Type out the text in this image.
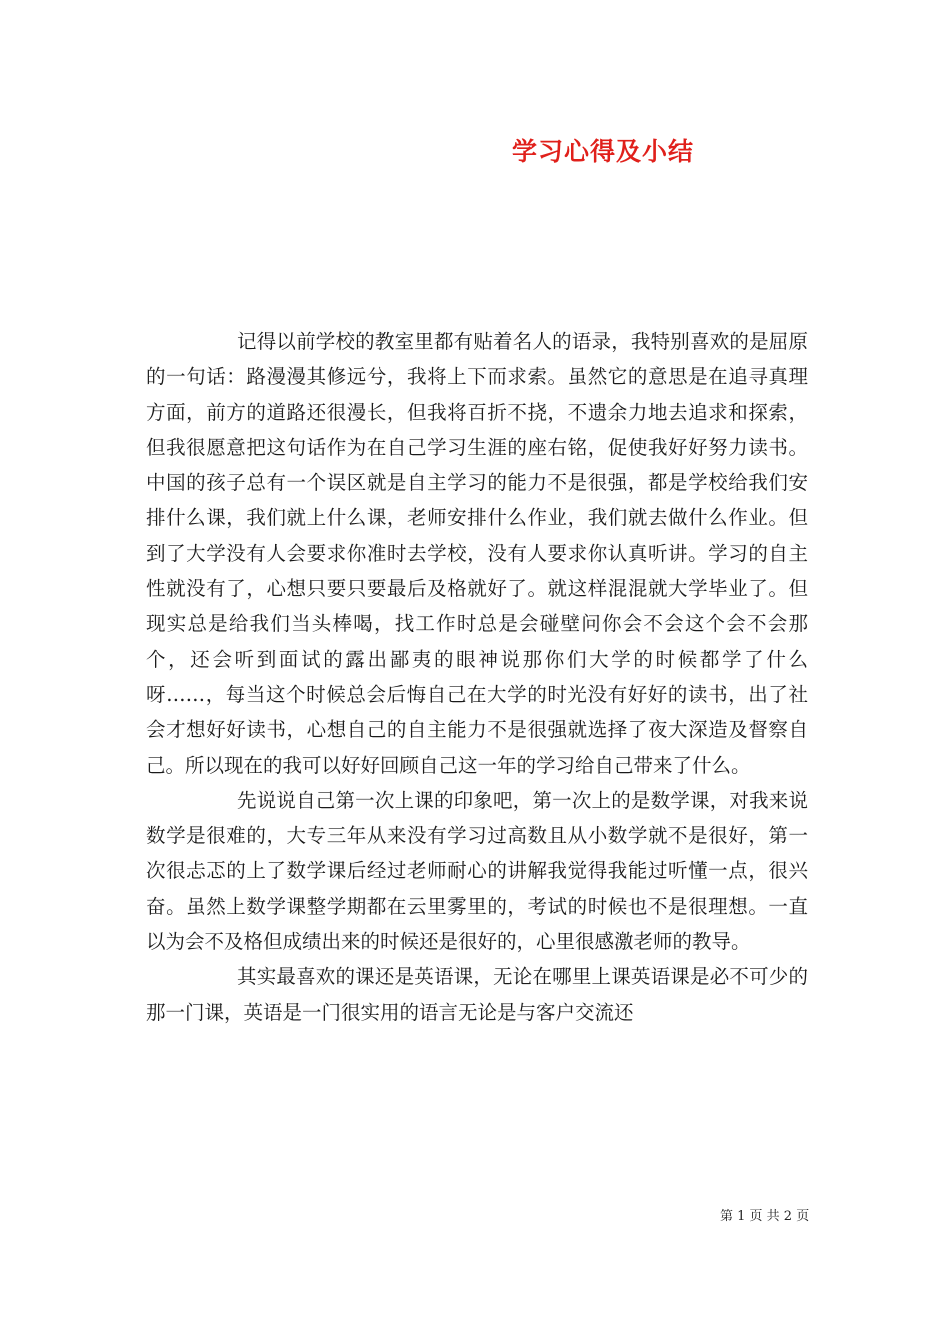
学习心得及小结

记得以前学校的教室里都有贴着名人的语录，我特别喜欢的是屈原的一句话：路漫漫其修远兮，我将上下而求索。虽然它的意思是在追寻真理方面，前方的道路还很漫长，但我将百折不挠，不遗余力地去追求和探索，但我很愿意把这句话作为在自己学习生涯的座右铭，促使我好好努力读书。中国的孩子总有一个误区就是自主学习的能力不是很强，都是学校给我们安排什么课，我们就上什么课，老师安排什么作业，我们就去做什么作业。但到了大学没有人会要求你准时去学校，没有人要求你认真听讲。学习的自主性就没有了，心想只要只要最后及格就好了。就这样混混就大学毕业了。但现实总是给我们当头棒喝，找工作时总是会碰壁问你会不会这个会不会那个，还会听到面试的露出鄙夷的眼神说那你们大学的时候都学了什么呀……，每当这个时候总会后悔自己在大学的时光没有好好的读书，出了社会才想好好读书，心想自己的自主能力不是很强就选择了夜大深造及督察自己。所以现在的我可以好好回顾自己这一年的学习给自己带来了什么。

先说说自己第一次上课的印象吧，第一次上的是数学课，对我来说数学是很难的，大专三年从来没有学习过高数且从小数学就不是很好，第一次很忐忑的上了数学课后经过老师耐心的讲解我觉得我能过听懂一点，很兴奋。虽然上数学课整学期都在云里雾里的，考试的时候也不是很理想。一直以为会不及格但成绩出来的时候还是很好的，心里很感激老师的教导。

其实最喜欢的课还是英语课，无论在哪里上课英语课是必不可少的那一门课，英语是一门很实用的语言无论是与客户交流还

第 1 页 共 2 页
